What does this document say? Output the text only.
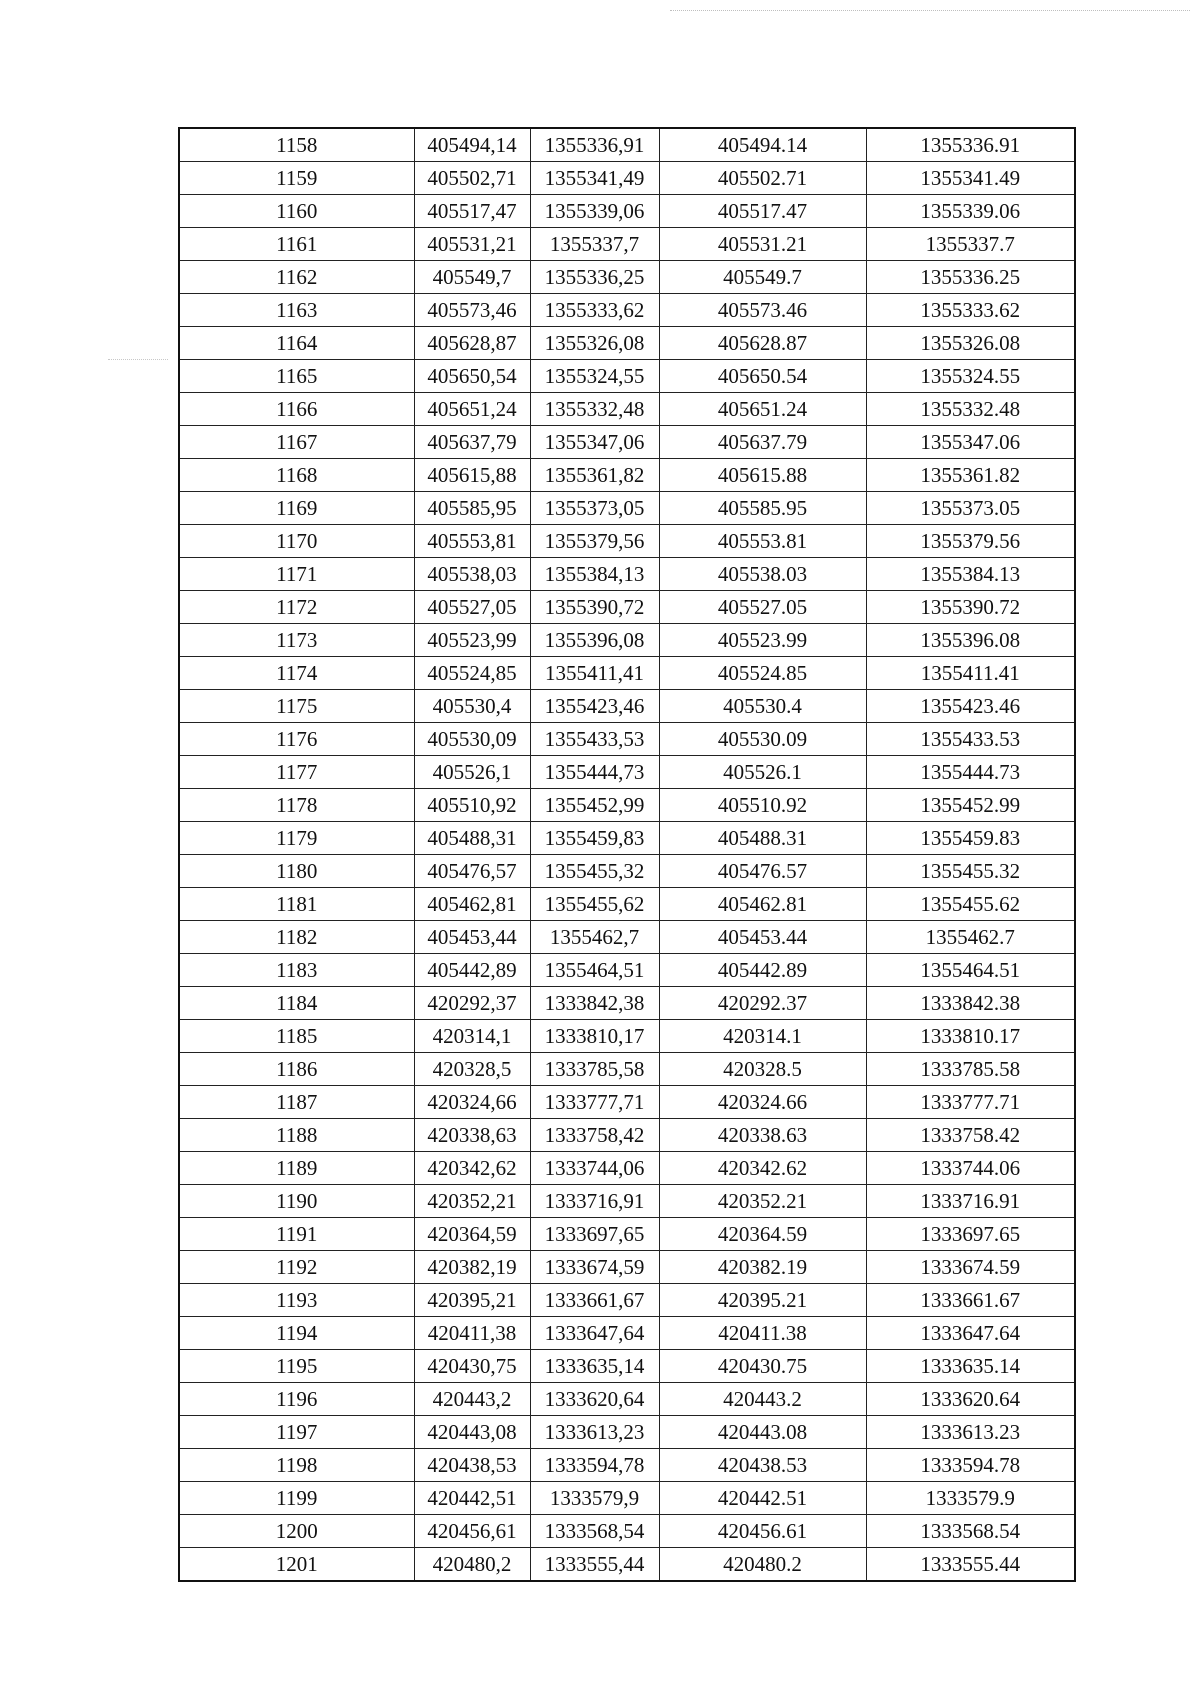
1158	405494,14	1355336,91	405494.14	1355336.91
1159	405502,71	1355341,49	405502.71	1355341.49
1160	405517,47	1355339,06	405517.47	1355339.06
1161	405531,21	1355337,7	405531.21	1355337.7
1162	405549,7	1355336,25	405549.7	1355336.25
1163	405573,46	1355333,62	405573.46	1355333.62
1164	405628,87	1355326,08	405628.87	1355326.08
1165	405650,54	1355324,55	405650.54	1355324.55
1166	405651,24	1355332,48	405651.24	1355332.48
1167	405637,79	1355347,06	405637.79	1355347.06
1168	405615,88	1355361,82	405615.88	1355361.82
1169	405585,95	1355373,05	405585.95	1355373.05
1170	405553,81	1355379,56	405553.81	1355379.56
1171	405538,03	1355384,13	405538.03	1355384.13
1172	405527,05	1355390,72	405527.05	1355390.72
1173	405523,99	1355396,08	405523.99	1355396.08
1174	405524,85	1355411,41	405524.85	1355411.41
1175	405530,4	1355423,46	405530.4	1355423.46
1176	405530,09	1355433,53	405530.09	1355433.53
1177	405526,1	1355444,73	405526.1	1355444.73
1178	405510,92	1355452,99	405510.92	1355452.99
1179	405488,31	1355459,83	405488.31	1355459.83
1180	405476,57	1355455,32	405476.57	1355455.32
1181	405462,81	1355455,62	405462.81	1355455.62
1182	405453,44	1355462,7	405453.44	1355462.7
1183	405442,89	1355464,51	405442.89	1355464.51
1184	420292,37	1333842,38	420292.37	1333842.38
1185	420314,1	1333810,17	420314.1	1333810.17
1186	420328,5	1333785,58	420328.5	1333785.58
1187	420324,66	1333777,71	420324.66	1333777.71
1188	420338,63	1333758,42	420338.63	1333758.42
1189	420342,62	1333744,06	420342.62	1333744.06
1190	420352,21	1333716,91	420352.21	1333716.91
1191	420364,59	1333697,65	420364.59	1333697.65
1192	420382,19	1333674,59	420382.19	1333674.59
1193	420395,21	1333661,67	420395.21	1333661.67
1194	420411,38	1333647,64	420411.38	1333647.64
1195	420430,75	1333635,14	420430.75	1333635.14
1196	420443,2	1333620,64	420443.2	1333620.64
1197	420443,08	1333613,23	420443.08	1333613.23
1198	420438,53	1333594,78	420438.53	1333594.78
1199	420442,51	1333579,9	420442.51	1333579.9
1200	420456,61	1333568,54	420456.61	1333568.54
1201	420480,2	1333555,44	420480.2	1333555.44
